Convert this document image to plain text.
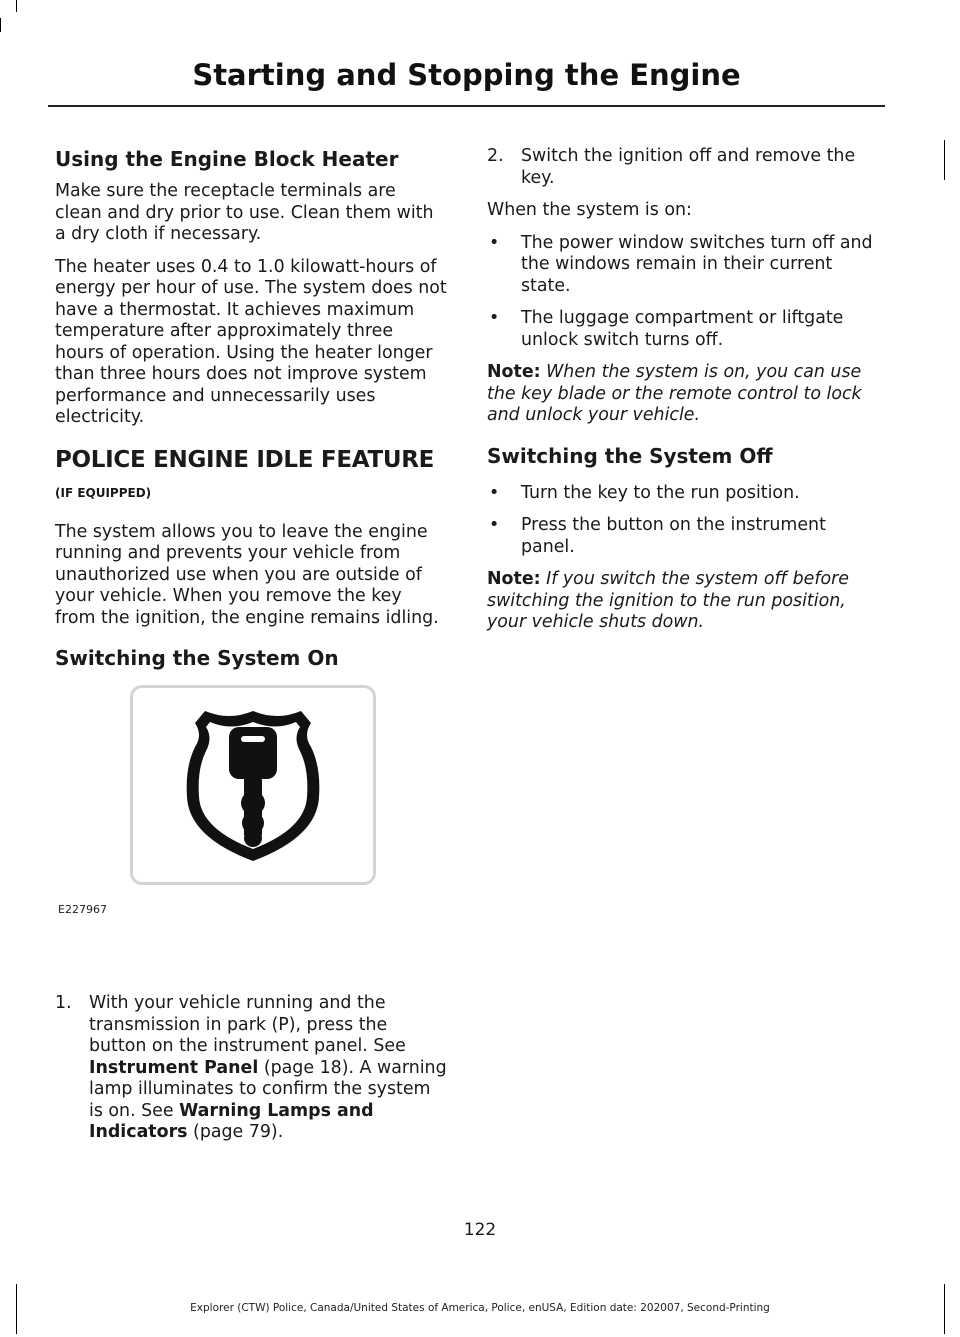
Starting and Stopping the Engine
Using the Engine Block Heater

Make sure the receptacle terminals are clean and dry prior to use. Clean them with a dry cloth if necessary.

The heater uses 0.4 to 1.0 kilowatt-hours of energy per hour of use. The system does not have a thermostat. It achieves maximum temperature after approximately three hours of operation. Using the heater longer than three hours does not improve system performance and unnecessarily uses electricity.

POLICE ENGINE IDLE FEATURE
(IF EQUIPPED)

The system allows you to leave the engine running and prevents your vehicle from unauthorized use when you are outside of your vehicle. When you remove the key from the ignition, the engine remains idling.

Switching the System On
E227967
1. With your vehicle running and the transmission in park (P), press the button on the instrument panel. See Instrument Panel (page 18). A warning lamp illuminates to confirm the system is on. See Warning Lamps and Indicators (page 79).
2. Switch the ignition off and remove the key.

When the system is on:

• The power window switches turn off and the windows remain in their current state.
• The luggage compartment or liftgate unlock switch turns off.

Note: When the system is on, you can use the key blade or the remote control to lock and unlock your vehicle.

Switching the System Off
• Turn the key to the run position.
• Press the button on the instrument panel.

Note: If you switch the system off before switching the ignition to the run position, your vehicle shuts down.

122
Explorer (CTW) Police, Canada/United States of America, Police, enUSA, Edition date: 202007, Second-Printing
